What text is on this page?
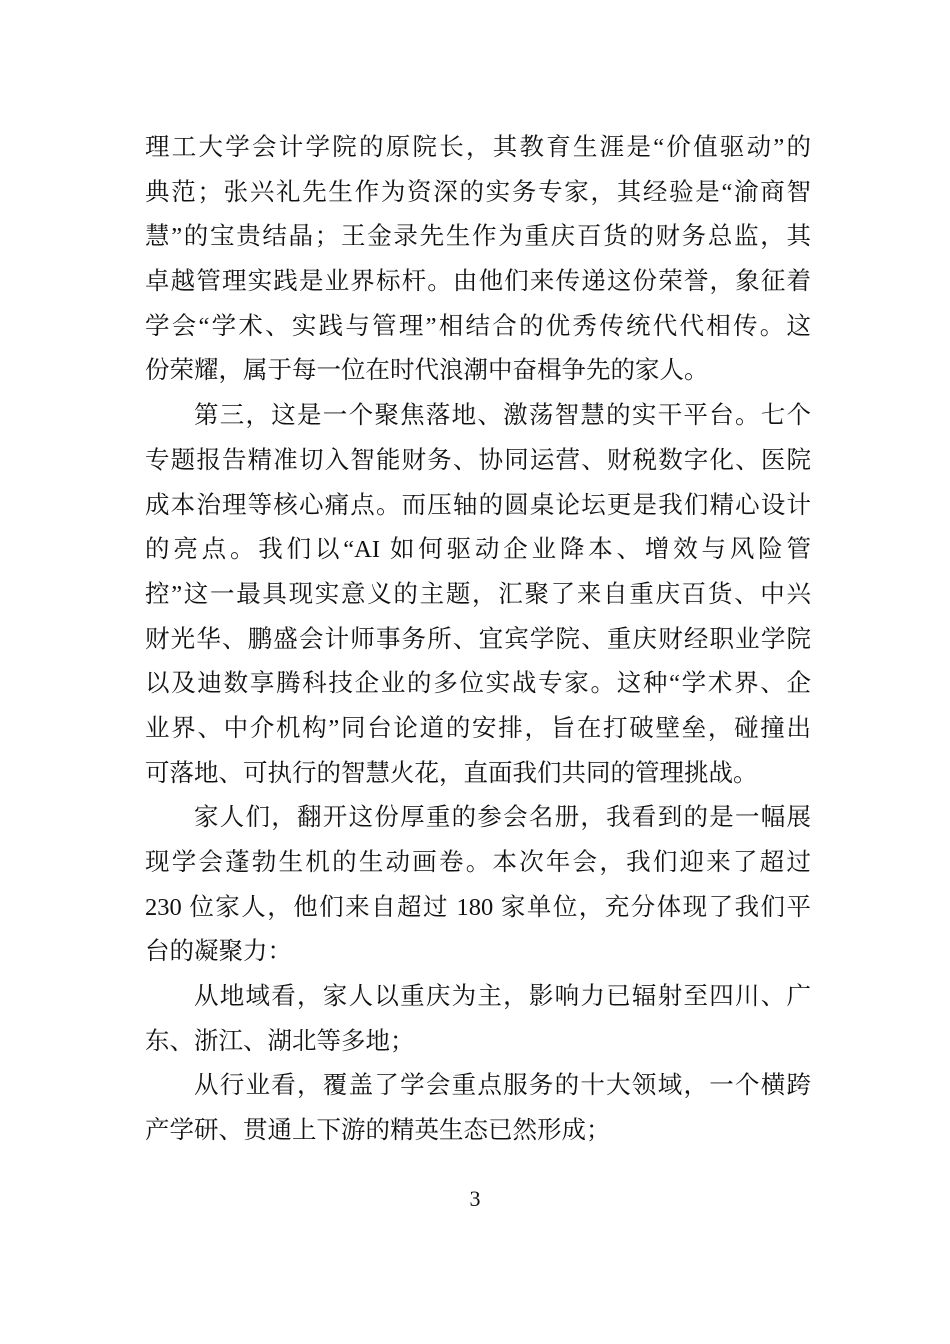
理工大学会计学院的原院长，其教育生涯是“价值驱动”的
典范；张兴礼先生作为资深的实务专家，其经验是“渝商智
慧”的宝贵结晶；王金录先生作为重庆百货的财务总监，其
卓越管理实践是业界标杆。由他们来传递这份荣誉，象征着
学会“学术、实践与管理”相结合的优秀传统代代相传。这
份荣耀，属于每一位在时代浪潮中奋楫争先的家人。
第三，这是一个聚焦落地、激荡智慧的实干平台。七个
专题报告精准切入智能财务、协同运营、财税数字化、医院
成本治理等核心痛点。而压轴的圆桌论坛更是我们精心设计
的亮点。我们以“AI 如何驱动企业降本、增效与风险管
控”这一最具现实意义的主题，汇聚了来自重庆百货、中兴
财光华、鹏盛会计师事务所、宜宾学院、重庆财经职业学院
以及迪数享腾科技企业的多位实战专家。这种“学术界、企
业界、中介机构”同台论道的安排，旨在打破壁垒，碰撞出
可落地、可执行的智慧火花，直面我们共同的管理挑战。
家人们，翻开这份厚重的参会名册，我看到的是一幅展
现学会蓬勃生机的生动画卷。本次年会，我们迎来了超过
230 位家人，他们来自超过 180 家单位，充分体现了我们平
台的凝聚力：
从地域看，家人以重庆为主，影响力已辐射至四川、广
东、浙江、湖北等多地；
从行业看，覆盖了学会重点服务的十大领域，一个横跨
产学研、贯通上下游的精英生态已然形成；
3
